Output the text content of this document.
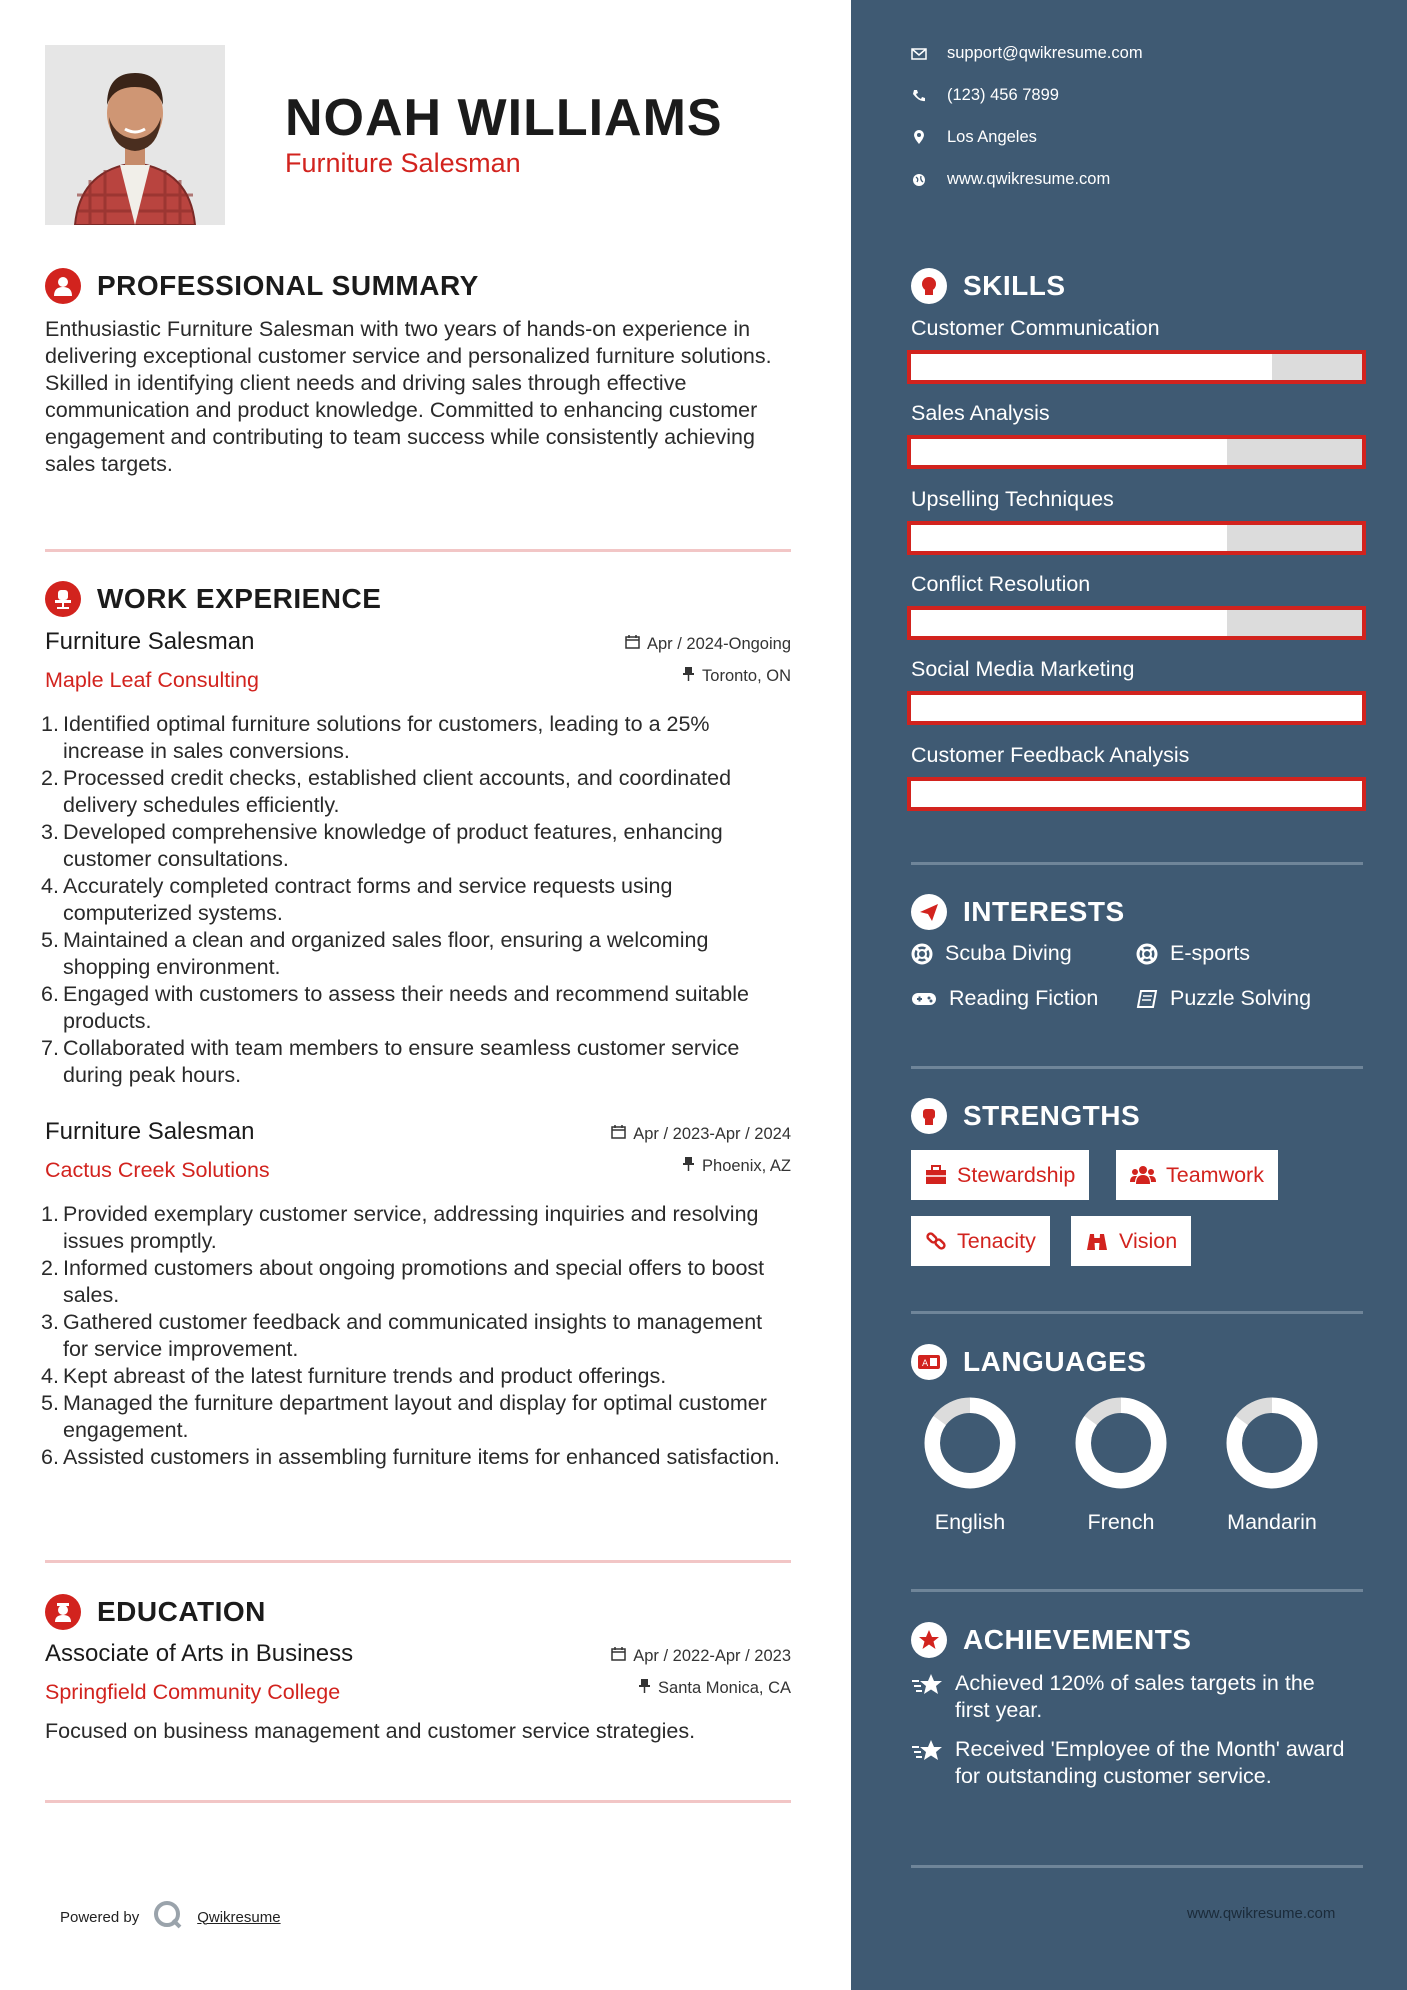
NOAH WILLIAMS
Furniture Salesman
PROFESSIONAL SUMMARY
Enthusiastic Furniture Salesman with two years of hands-on experience in delivering exceptional customer service and personalized furniture solutions. Skilled in identifying client needs and driving sales through effective communication and product knowledge. Committed to enhancing customer engagement and contributing to team success while consistently achieving sales targets.
WORK EXPERIENCE
Furniture Salesman
Maple Leaf Consulting
Apr / 2024-Ongoing
Toronto, ON
1. Identified optimal furniture solutions for customers, leading to a 25% increase in sales conversions.
2. Processed credit checks, established client accounts, and coordinated delivery schedules efficiently.
3. Developed comprehensive knowledge of product features, enhancing customer consultations.
4. Accurately completed contract forms and service requests using computerized systems.
5. Maintained a clean and organized sales floor, ensuring a welcoming shopping environment.
6. Engaged with customers to assess their needs and recommend suitable products.
7. Collaborated with team members to ensure seamless customer service during peak hours.
Furniture Salesman
Cactus Creek Solutions
Apr / 2023-Apr / 2024
Phoenix, AZ
1. Provided exemplary customer service, addressing inquiries and resolving issues promptly.
2. Informed customers about ongoing promotions and special offers to boost sales.
3. Gathered customer feedback and communicated insights to management for service improvement.
4. Kept abreast of the latest furniture trends and product offerings.
5. Managed the furniture department layout and display for optimal customer engagement.
6. Assisted customers in assembling furniture items for enhanced satisfaction.
EDUCATION
Associate of Arts in Business
Springfield Community College
Apr / 2022-Apr / 2023
Santa Monica, CA
Focused on business management and customer service strategies.
Powered by	Qwikresume
support@qwikresume.com
(123) 456 7899
Los Angeles
www.qwikresume.com
SKILLS
Customer Communication
Sales Analysis
Upselling Techniques
Conflict Resolution
Social Media Marketing
Customer Feedback Analysis
INTERESTS
Scuba Diving	E-sports
Reading Fiction	Puzzle Solving
STRENGTHS
Stewardship	Teamwork
Tenacity	Vision
A LANGUAGES
English	French	Mandarin
ACHIEVEMENTS
Achieved 120% of sales targets in the first year.
Received 'Employee of the Month' award for outstanding customer service.
www.qwikresume.com
